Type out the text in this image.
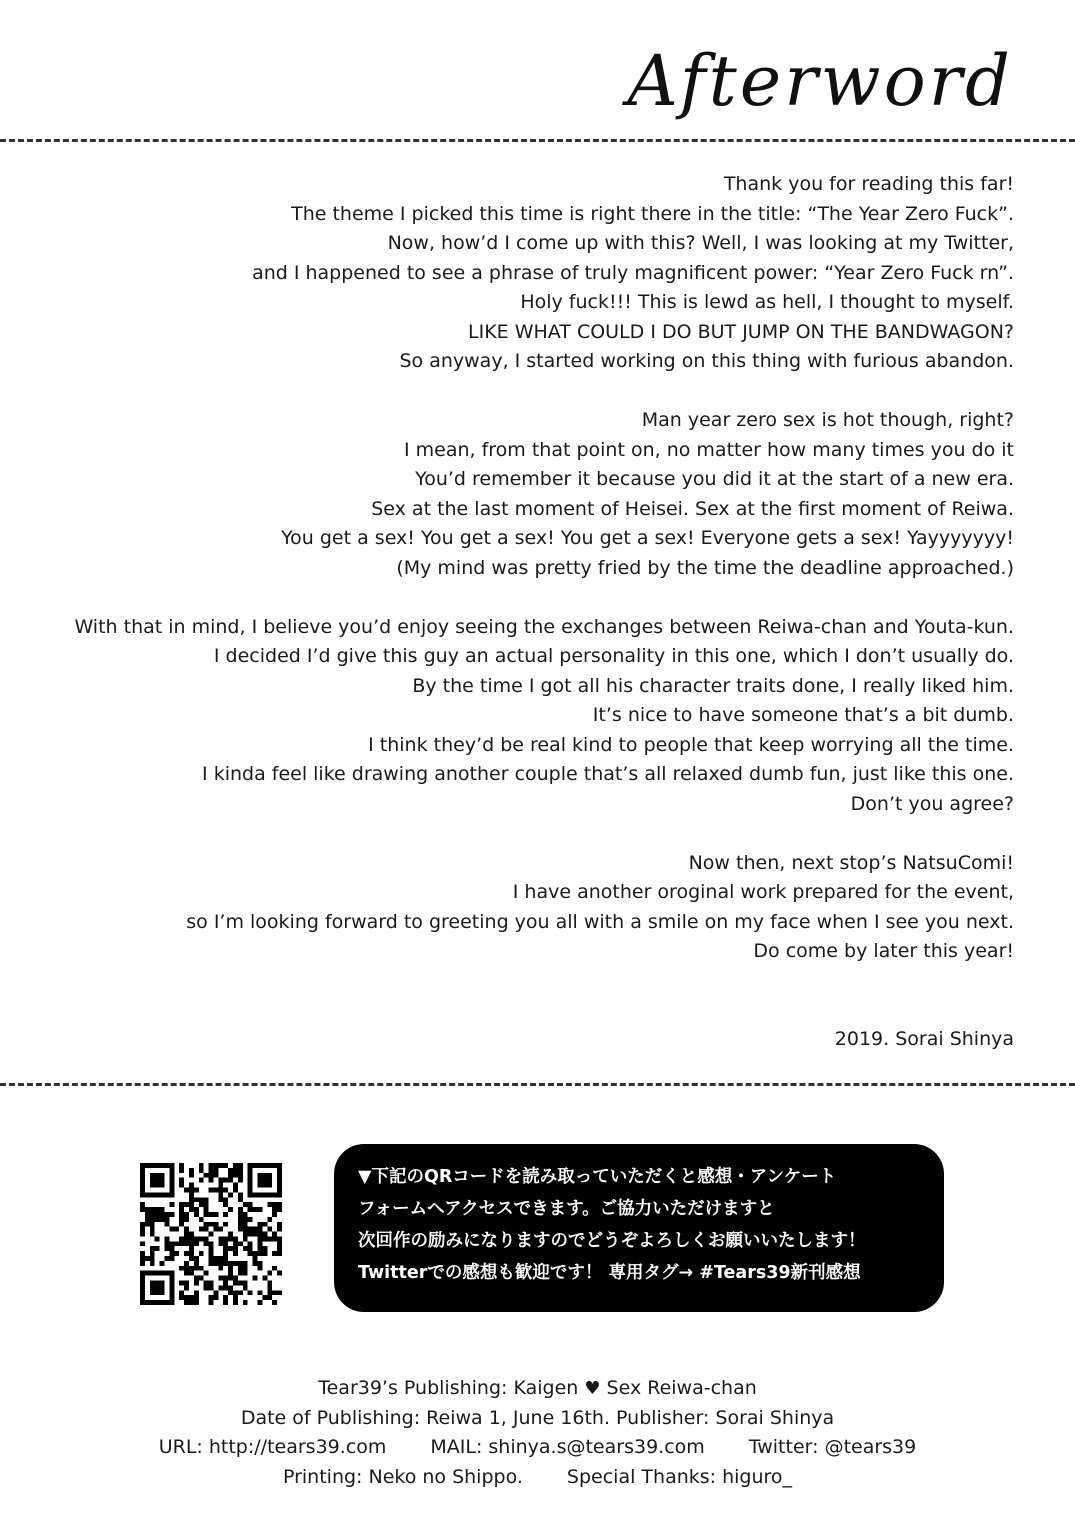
Afterword
Thank you for reading this far!
The theme I picked this time is right there in the title: “The Year Zero Fuck”.
Now, how’d I come up with this? Well, I was looking at my Twitter,
and I happened to see a phrase of truly magnificent power: “Year Zero Fuck rn”.
Holy fuck!!! This is lewd as hell, I thought to myself.
LIKE WHAT COULD I DO BUT JUMP ON THE BANDWAGON?
So anyway, I started working on this thing with furious abandon.
Man year zero sex is hot though, right?
I mean, from that point on, no matter how many times you do it
You’d remember it because you did it at the start of a new era.
Sex at the last moment of Heisei. Sex at the first moment of Reiwa.
You get a sex! You get a sex! You get a sex! Everyone gets a sex! Yayyyyyyy!
(My mind was pretty fried by the time the deadline approached.)
With that in mind, I believe you’d enjoy seeing the exchanges between Reiwa-chan and Youta-kun.
I decided I’d give this guy an actual personality in this one, which I don’t usually do.
By the time I got all his character traits done, I really liked him.
It’s nice to have someone that’s a bit dumb.
I think they’d be real kind to people that keep worrying all the time.
I kinda feel like drawing another couple that’s all relaxed dumb fun, just like this one.
Don’t you agree?
Now then, next stop’s NatsuComi!
I have another oroginal work prepared for the event,
so I’m looking forward to greeting you all with a smile on my face when I see you next.
Do come by later this year!
2019. Sorai Shinya
▼下記のQRコードを読み取っていただくと感想・アンケート
フォームへアクセスできます。ご協力いただけますと
次回作の励みになりますのでどうぞよろしくお願いいたします！
Twitterでの感想も歓迎です！ 専用タグ→ #Tears39新刊感想
Tear39’s Publishing: Kaigen ♥ Sex Reiwa-chan
Date of Publishing: Reiwa 1, June 16th. Publisher: Sorai Shinya
URL: http://tears39.com MAIL: shinya.s@tears39.com Twitter: @tears39
Printing: Neko no Shippo. Special Thanks: higuro_
